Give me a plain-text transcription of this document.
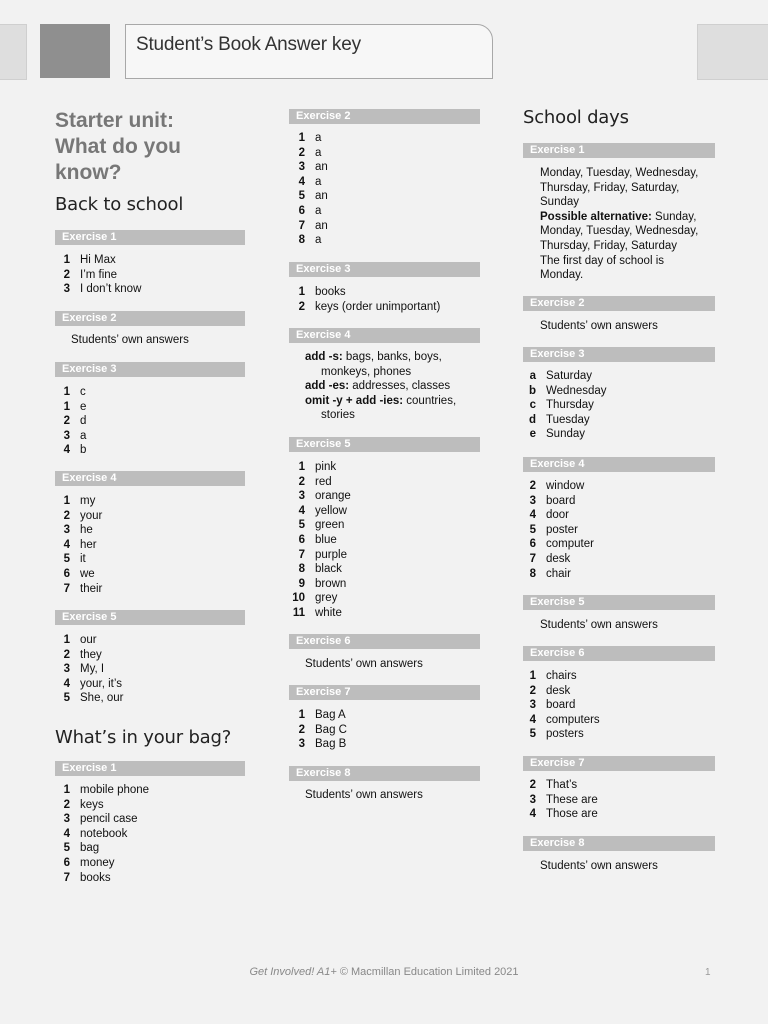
Student’s Book Answer key
Starter unit:
What do you
know?
Back to school
Exercise 1
1 Hi Max
2 I’m fine
3 I don’t know
Exercise 2
Students’ own answers
Exercise 3
1 c
1 e
2 d
3 a
4 b
Exercise 4
1 my
2 your
3 he
4 her
5 it
6 we
7 their
Exercise 5
1 our
2 they
3 My, I
4 your, it’s
5 She, our
What’s in your bag?
Exercise 1
1 mobile phone
2 keys
3 pencil case
4 notebook
5 bag
6 money
7 books
Exercise 2
1 a
2 a
3 an
4 a
5 an
6 a
7 an
8 a
Exercise 3
1 books
2 keys (order unimportant)
Exercise 4
add -s: bags, banks, boys,
monkeys, phones
add -es: addresses, classes
omit -y + add -ies: countries,
stories
Exercise 5
1 pink
2 red
3 orange
4 yellow
5 green
6 blue
7 purple
8 black
9 brown
10 grey
11 white
Exercise 6
Students’ own answers
Exercise 7
1 Bag A
2 Bag C
3 Bag B
Exercise 8
Students’ own answers
School days
Exercise 1
Monday, Tuesday, Wednesday,
Thursday, Friday, Saturday,
Sunday
Possible alternative: Sunday,
Monday, Tuesday, Wednesday,
Thursday, Friday, Saturday
The first day of school is
Monday.
Exercise 2
Students’ own answers
Exercise 3
a Saturday
b Wednesday
c Thursday
d Tuesday
e Sunday
Exercise 4
2 window
3 board
4 door
5 poster
6 computer
7 desk
8 chair
Exercise 5
Students’ own answers
Exercise 6
1 chairs
2 desk
3 board
4 computers
5 posters
Exercise 7
2 That’s
3 These are
4 Those are
Exercise 8
Students’ own answers
Get Involved! A1+ © Macmillan Education Limited 2021	1
